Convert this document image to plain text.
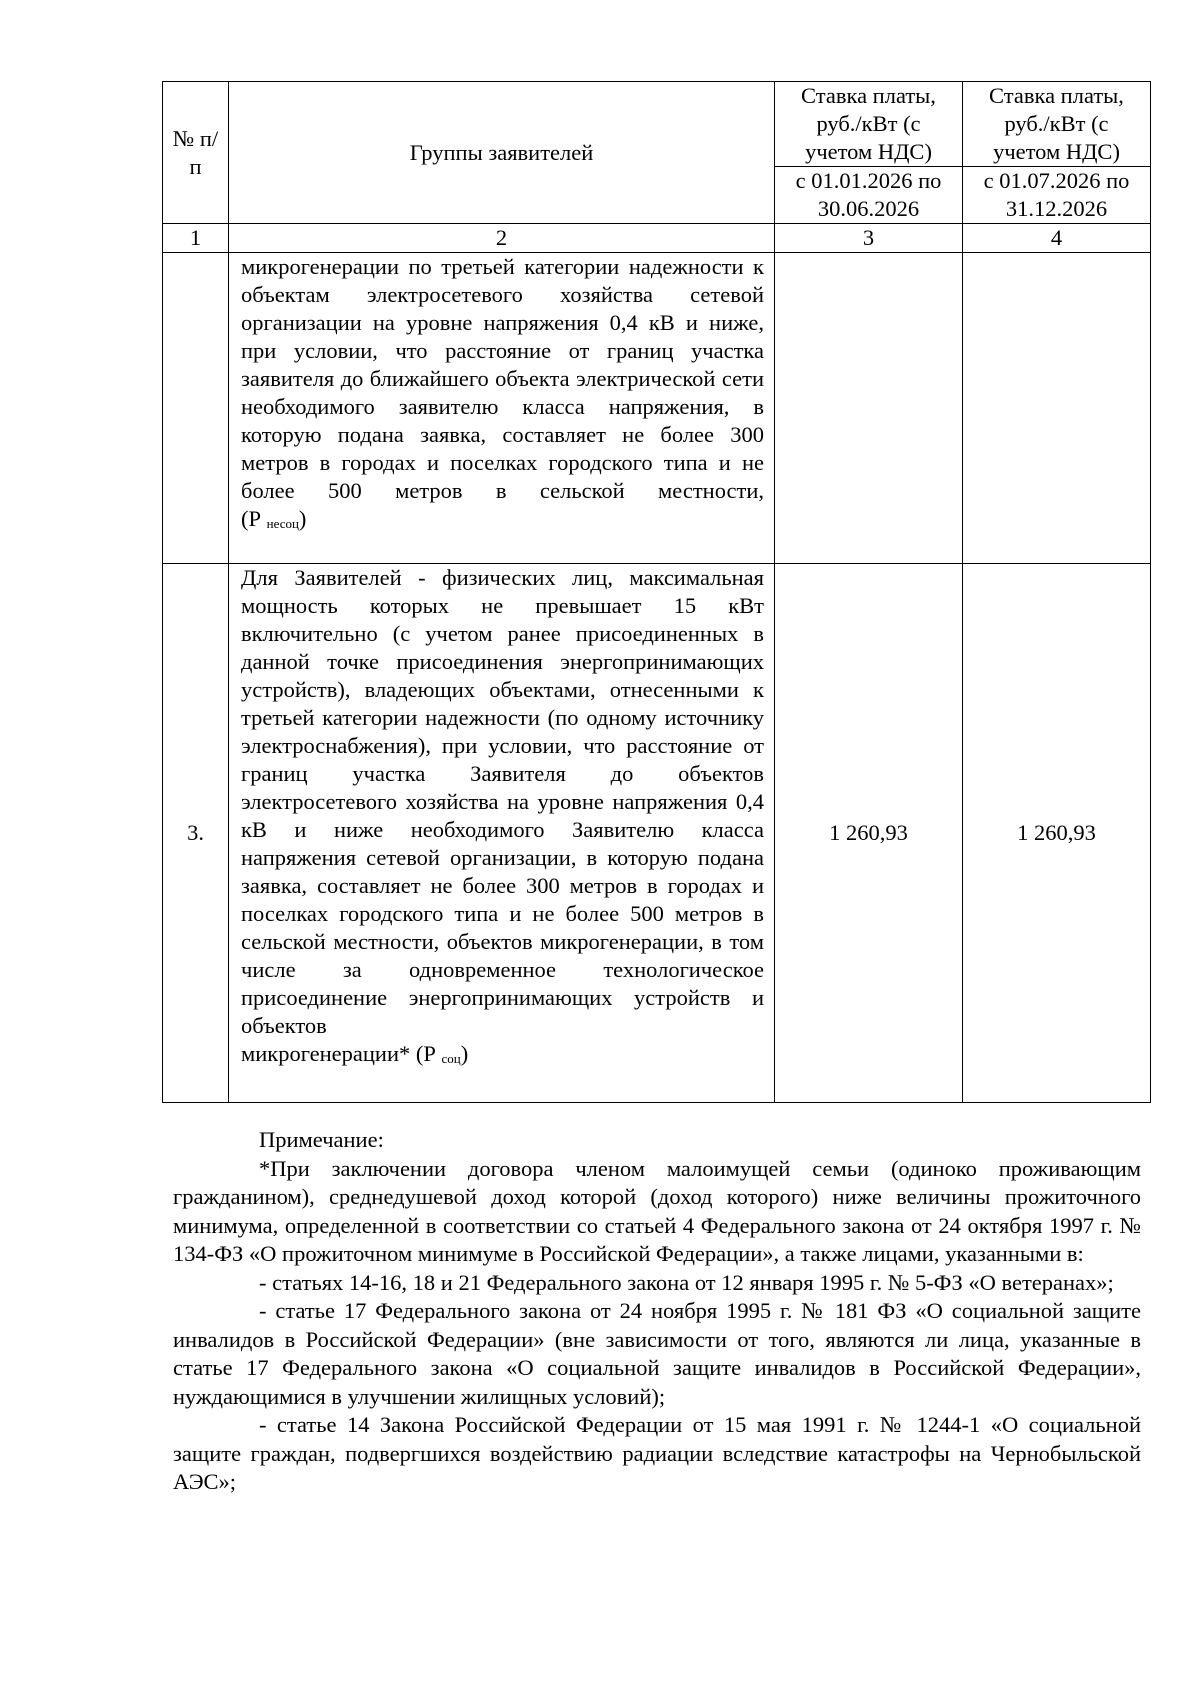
№ п/п	Группы заявителей	Ставка платы, руб./кВт (с учетом НДС)	Ставка платы, руб./кВт (с учетом НДС)
		с 01.01.2026 по 30.06.2026	с 01.07.2026 по 31.12.2026
1	2	3	4
	микрогенерации по третьей категории надежности к объектам электросетевого хозяйства сетевой организации на уровне напряжения 0,4 кВ и ниже, при условии, что расстояние от границ участка заявителя до ближайшего объекта электрической сети необходимого заявителю класса напряжения, в которую подана заявка, составляет не более 300 метров в городах и поселках городского типа и не более 500 метров в сельской местности,
(Р $_{несоц}$)		

3.	Для Заявителей - физических лиц, максимальная мощность которых не превышает 15 кВт включительно (с учетом ранее присоединенных в данной точке присоединения энергопринимающих устройств), владеющих объектами, отнесенными к третьей категории надежности (по одному источнику электроснабжения), при условии, что расстояние от границ участка Заявителя до объектов электросетевого хозяйства на уровне напряжения 0,4 кВ и ниже необходимого Заявителю класса напряжения сетевой организации, в которую подана заявка, составляет не более 300 метров в городах и поселках городского типа и не более 500 метров в сельской местности, объектов микрогенерации, в том числе за одновременное технологическое присоединение энергопринимающих устройств и объектов
микрогенерации* (Р $_{соц}$)	1 260,93	1 260,93

Примечание:

*При заключении договора членом малоимущей семьи (одиноко проживающим гражданином), среднедушевой доход которой (доход которого) ниже величины прожиточного минимума, определенной в соответствии со статьей 4 Федерального закона от 24 октября 1997 г. № 134-ФЗ «О прожиточном минимуме в Российской Федерации», а также лицами, указанными в:

- статьях 14-16, 18 и 21 Федерального закона от 12 января 1995 г. № 5-ФЗ «О ветеранах»;

- статье 17 Федерального закона от 24 ноября 1995 г. № 181 ФЗ «О социальной защите инвалидов в Российской Федерации» (вне зависимости от того, являются ли лица, указанные в статье 17 Федерального закона «О социальной защите инвалидов в Российской Федерации», нуждающимися в улучшении жилищных условий);

- статье 14 Закона Российской Федерации от 15 мая 1991 г. № 1244-1 «О социальной защите граждан, подвергшихся воздействию радиации вследствие катастрофы на Чернобыльской АЭС»;
